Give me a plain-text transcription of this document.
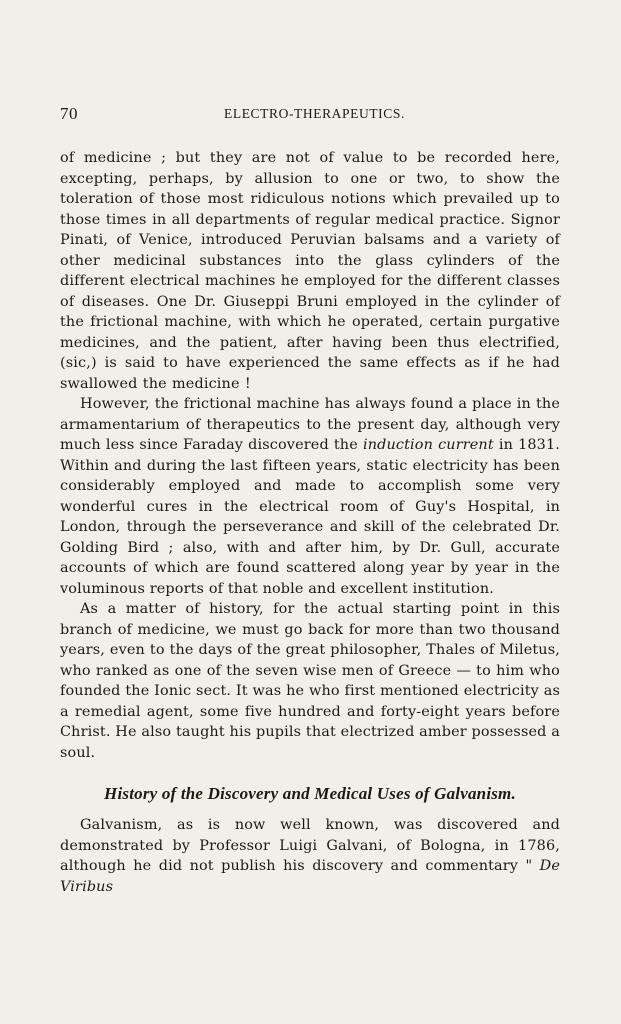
70	ELECTRO-THERAPEUTICS.

of medicine ; but they are not of value to be recorded here, excepting, perhaps, by allusion to one or two, to show the toleration of those most ridiculous notions which prevailed up to those times in all departments of regular medical practice. Signor Pinati, of Venice, introduced Peruvian balsams and a variety of other medicinal substances into the glass cylinders of the different electrical machines he employed for the different classes of diseases. One Dr. Giuseppi Bruni employed in the cylinder of the frictional machine, with which he operated, certain purgative medicines, and the patient, after having been thus electrified, (sic,) is said to have experienced the same effects as if he had swallowed the medicine !

However, the frictional machine has always found a place in the armamentarium of therapeutics to the present day, although very much less since Faraday discovered the induction current in 1831. Within and during the last fifteen years, static electricity has been considerably employed and made to accomplish some very wonderful cures in the electrical room of Guy's Hospital, in London, through the perseverance and skill of the celebrated Dr. Golding Bird ; also, with and after him, by Dr. Gull, accurate accounts of which are found scattered along year by year in the voluminous reports of that noble and excellent institution.

As a matter of history, for the actual starting point in this branch of medicine, we must go back for more than two thousand years, even to the days of the great philosopher, Thales of Miletus, who ranked as one of the seven wise men of Greece — to him who founded the Ionic sect. It was he who first mentioned electricity as a remedial agent, some five hundred and forty-eight years before Christ. He also taught his pupils that electrized amber possessed a soul.

History of the Discovery and Medical Uses of Galvanism.

Galvanism, as is now well known, was discovered and demonstrated by Professor Luigi Galvani, of Bologna, in 1786, although he did not publish his discovery and commentary " De Viribus
